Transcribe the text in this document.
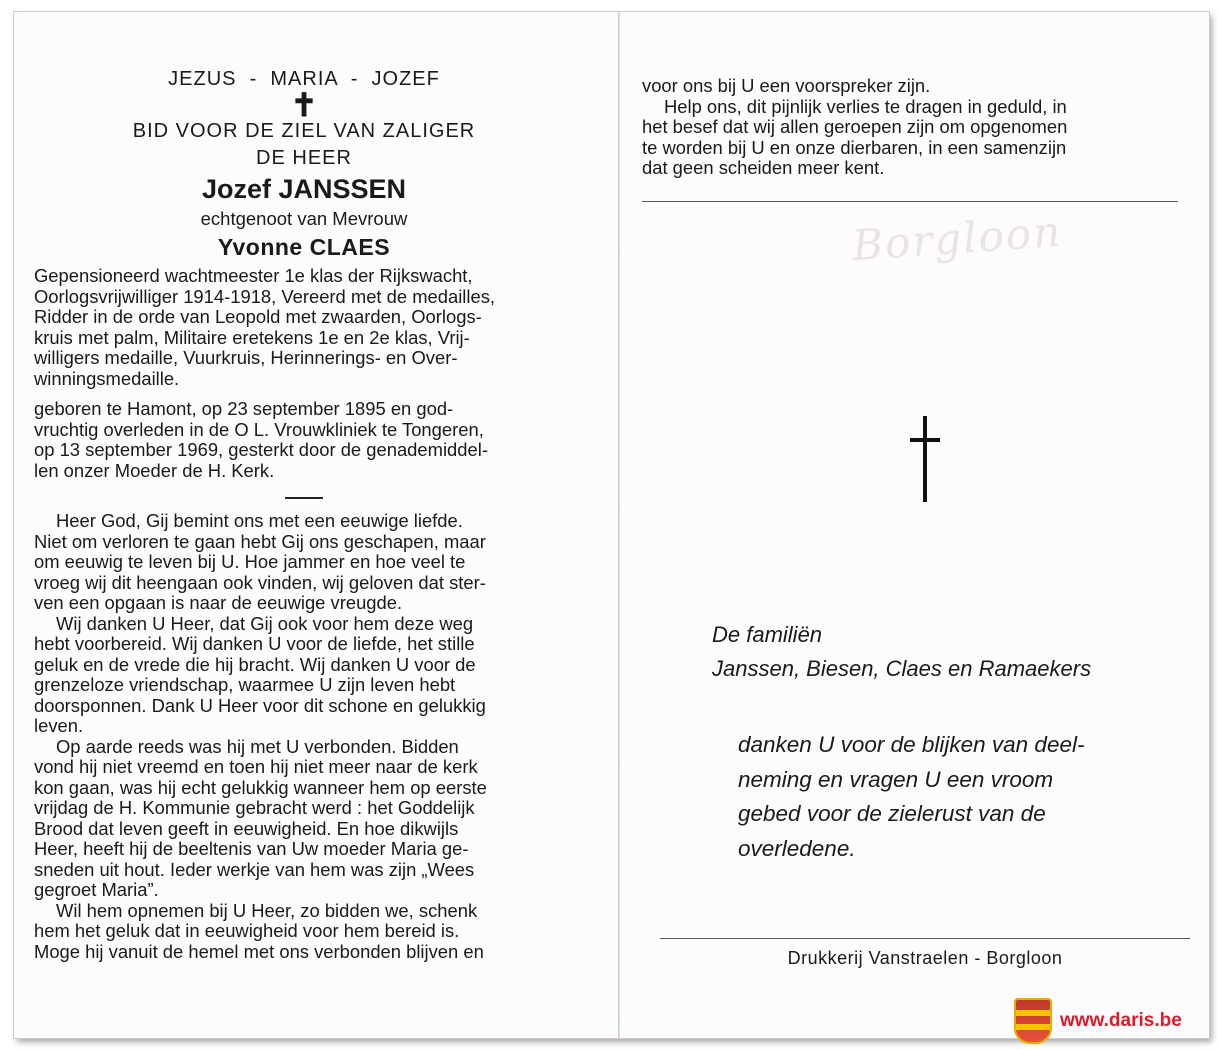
JEZUS  -  MARIA  -  JOZEF
✝
BID VOOR DE ZIEL VAN ZALIGER
DE HEER
Jozef JANSSEN
echtgenoot van Mevrouw
Yvonne CLAES
Gepensioneerd wachtmeester 1e klas der Rijkswacht,
Oorlogsvrijwilliger 1914-1918, Vereerd met de medailles,
Ridder in de orde van Leopold met zwaarden, Oorlogs-
kruis met palm, Militaire eretekens 1e en 2e klas, Vrij-
willigers medaille, Vuurkruis, Herinnerings- en Over-
winningsmedaille.
geboren te Hamont, op 23 september 1895 en god-
vruchtig overleden in de O L. Vrouwkliniek te Tongeren,
op 13 september 1969, gesterkt door de genademiddel-
len onzer Moeder de H. Kerk.
Heer God, Gij bemint ons met een eeuwige liefde.
Niet om verloren te gaan hebt Gij ons geschapen, maar
om eeuwig te leven bij U. Hoe jammer en hoe veel te
vroeg wij dit heengaan ook vinden, wij geloven dat ster-
ven een opgaan is naar de eeuwige vreugde.
Wij danken U Heer, dat Gij ook voor hem deze weg
hebt voorbereid. Wij danken U voor de liefde, het stille
geluk en de vrede die hij bracht. Wij danken U voor de
grenzeloze vriendschap, waarmee U zijn leven hebt
doorsponnen. Dank U Heer voor dit schone en gelukkig
leven.
Op aarde reeds was hij met U verbonden. Bidden
vond hij niet vreemd en toen hij niet meer naar de kerk
kon gaan, was hij echt gelukkig wanneer hem op eerste
vrijdag de H. Kommunie gebracht werd : het Goddelijk
Brood dat leven geeft in eeuwigheid. En hoe dikwijls
Heer, heeft hij de beeltenis van Uw moeder Maria ge-
sneden uit hout. Ieder werkje van hem was zijn „Wees
gegroet Maria”.
Wil hem opnemen bij U Heer, zo bidden we, schenk
hem het geluk dat in eeuwigheid voor hem bereid is.
Moge hij vanuit de hemel met ons verbonden blijven en
voor ons bij U een voorspreker zijn.
Help ons, dit pijnlijk verlies te dragen in geduld, in
het besef dat wij allen geroepen zijn om opgenomen
te worden bij U en onze dierbaren, in een samenzijn
dat geen scheiden meer kent.
Borgloon
De familiën
Janssen, Biesen, Claes en Ramaekers
danken U voor de blijken van deel-
neming en vragen U een vroom
gebed voor de zielerust van de
overledene.
Drukkerij Vanstraelen - Borgloon
www.daris.be
